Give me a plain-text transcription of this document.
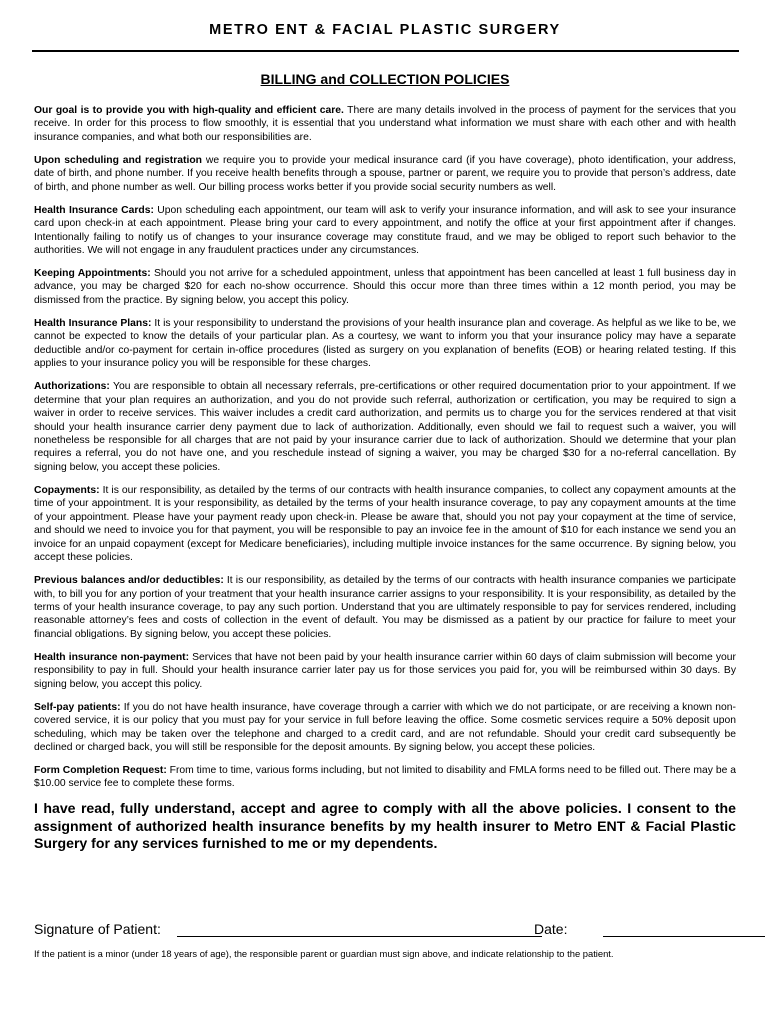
METRO ENT & FACIAL PLASTIC SURGERY
BILLING and COLLECTION POLICIES

Our goal is to provide you with high-quality and efficient care. There are many details involved in the process of payment for the services that you receive. In order for this process to flow smoothly, it is essential that you understand what information we must share with each other and with health insurance companies, and what both our responsibilities are.

Upon scheduling and registration we require you to provide your medical insurance card (if you have coverage), photo identification, your address, date of birth, and phone number. If you receive health benefits through a spouse, partner or parent, we require you to provide that person’s address, date of birth, and phone number as well. Our billing process works better if you provide social security numbers as well.

Health Insurance Cards: Upon scheduling each appointment, our team will ask to verify your insurance information, and will ask to see your insurance card upon check-in at each appointment. Please bring your card to every appointment, and notify the office at your first appointment after if changes. Intentionally failing to notify us of changes to your insurance coverage may constitute fraud, and we may be obliged to report such behavior to the authorities. We will not engage in any fraudulent practices under any circumstances.

Keeping Appointments: Should you not arrive for a scheduled appointment, unless that appointment has been cancelled at least 1 full business day in advance, you may be charged $20 for each no-show occurrence. Should this occur more than three times within a 12 month period, you may be dismissed from the practice. By signing below, you accept this policy.

Health Insurance Plans: It is your responsibility to understand the provisions of your health insurance plan and coverage. As helpful as we like to be, we cannot be expected to know the details of your particular plan. As a courtesy, we want to inform you that your insurance policy may have a separate deductible and/or co-payment for certain in-office procedures (listed as surgery on you explanation of benefits (EOB) or hearing related testing. If this applies to your insurance policy you will be responsible for these charges.

Authorizations: You are responsible to obtain all necessary referrals, pre-certifications or other required documentation prior to your appointment. If we determine that your plan requires an authorization, and you do not provide such referral, authorization or certification, you may be required to sign a waiver in order to receive services. This waiver includes a credit card authorization, and permits us to charge you for the services rendered at that visit should your health insurance carrier deny payment due to lack of authorization. Additionally, even should we fail to request such a waiver, you will nonetheless be responsible for all charges that are not paid by your insurance carrier due to lack of authorization. Should we determine that your plan requires a referral, you do not have one, and you reschedule instead of signing a waiver, you may be charged $30 for a no-referral cancellation. By signing below, you accept these policies.

Copayments: It is our responsibility, as detailed by the terms of our contracts with health insurance companies, to collect any copayment amounts at the time of your appointment. It is your responsibility, as detailed by the terms of your health insurance coverage, to pay any copayment amounts at the time of your appointment. Please have your payment ready upon check-in. Please be aware that, should you not pay your copayment at the time of service, and should we need to invoice you for that payment, you will be responsible to pay an invoice fee in the amount of $10 for each instance we send you an invoice for an unpaid copayment (except for Medicare beneficiaries), including multiple invoice instances for the same occurrence. By signing below, you accept these policies.

Previous balances and/or deductibles: It is our responsibility, as detailed by the terms of our contracts with health insurance companies we participate with, to bill you for any portion of your treatment that your health insurance carrier assigns to your responsibility. It is your responsibility, as detailed by the terms of your health insurance coverage, to pay any such portion. Understand that you are ultimately responsible to pay for services rendered, including reasonable attorney’s fees and costs of collection in the event of default. You may be dismissed as a patient by our practice for failure to meet your financial obligations. By signing below, you accept these policies.

Health insurance non-payment: Services that have not been paid by your health insurance carrier within 60 days of claim submission will become your responsibility to pay in full. Should your health insurance carrier later pay us for those services you paid for, you will be reimbursed within 30 days. By signing below, you accept this policy.

Self-pay patients: If you do not have health insurance, have coverage through a carrier with which we do not participate, or are receiving a known non-covered service, it is our policy that you must pay for your service in full before leaving the office. Some cosmetic services require a 50% deposit upon scheduling, which may be taken over the telephone and charged to a credit card, and are not refundable. Should your credit card subsequently be declined or charged back, you will still be responsible for the deposit amounts. By signing below, you accept these policies.

Form Completion Request: From time to time, various forms including, but not limited to disability and FMLA forms need to be filled out. There may be a $10.00 service fee to complete these forms.

I have read, fully understand, accept and agree to comply with all the above policies. I consent to the assignment of authorized health insurance benefits by my health insurer to Metro ENT & Facial Plastic Surgery for any services furnished to me or my dependents.

Signature of Patient:	Date:
If the patient is a minor (under 18 years of age), the responsible parent or guardian must sign above, and indicate relationship to the patient.
